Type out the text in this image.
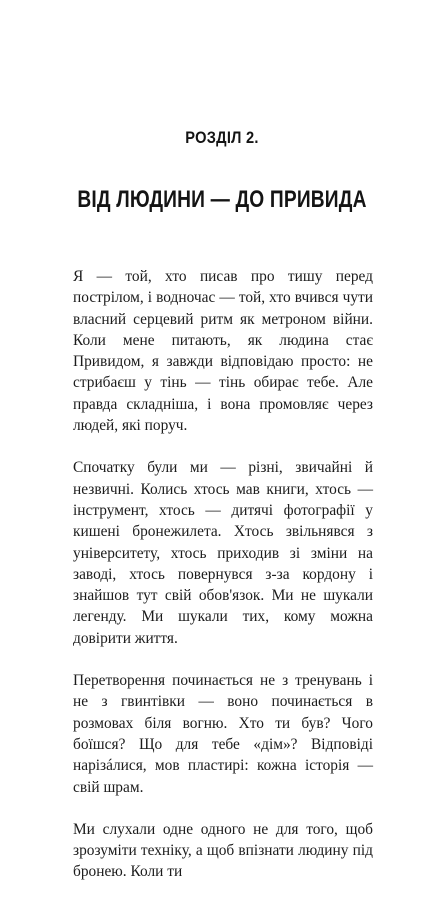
РОЗДІЛ 2.
ВІД ЛЮДИНИ — ДО ПРИВИДА

Я — той, хто писав про тишу перед пострілом, і водночас — той, хто вчився чути власний серцевий ритм як метроном війни. Коли мене питають, як людина стає Привидом, я завжди відповідаю просто: не стрибаєш у тінь — тінь обирає тебе. Але правда складніша, і вона промовляє через людей, які поруч.

Спочатку були ми — різні, звичайні й незвичні. Колись хтось мав книги, хтось — інструмент, хтось — дитячі фотографії у кишені бронежилета. Хтось звільнявся з університету, хтось приходив зі зміни на заводі, хтось повернувся з-за кордону і знайшов тут свій обов'язок. Ми не шукали легенду. Ми шукали тих, кому можна довірити життя.

Перетворення починається не з тренувань і не з гвинтівки — воно починається в розмовах біля вогню. Хто ти був? Чого боїшся? Що для тебе «дім»? Відповіді нарізáлися, мов пластирі: кожна історія — свій шрам.

Ми слухали одне одного не для того, щоб зрозуміти техніку, а щоб впізнати людину під бронею. Коли ти
